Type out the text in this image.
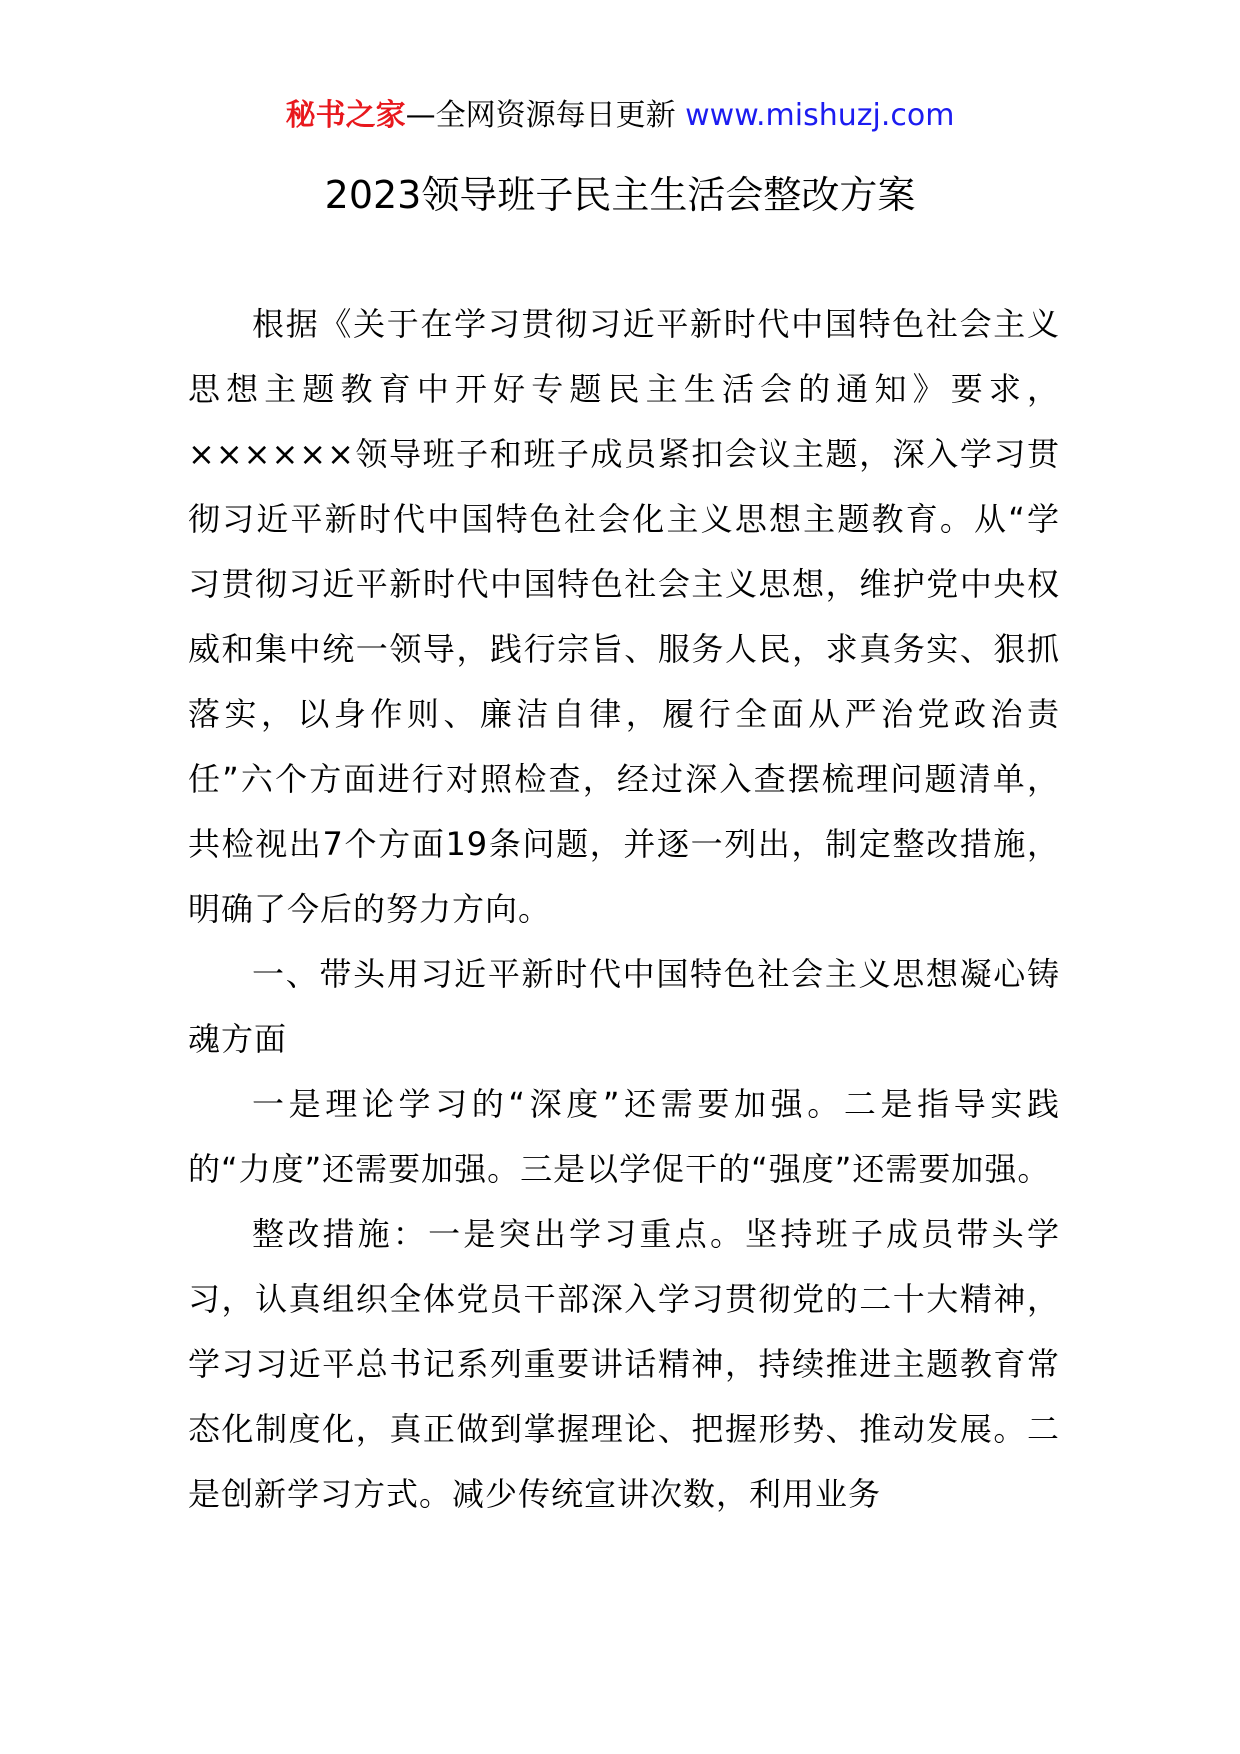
秘书之家—全网资源每日更新 www.mishuzj.com
2023领导班子民主生活会整改方案

根据《关于在学习贯彻习近平新时代中国特色社会主义思想主题教育中开好专题民主生活会的通知》要求，××××××领导班子和班子成员紧扣会议主题，深入学习贯彻习近平新时代中国特色社会化主义思想主题教育。从“学习贯彻习近平新时代中国特色社会主义思想，维护党中央权威和集中统一领导，践行宗旨、服务人民，求真务实、狠抓落实，以身作则、廉洁自律，履行全面从严治党政治责任”六个方面进行对照检查，经过深入查摆梳理问题清单，共检视出7个方面19条问题，并逐一列出，制定整改措施，明确了今后的努力方向。

一、带头用习近平新时代中国特色社会主义思想凝心铸魂方面

一是理论学习的“深度”还需要加强。二是指导实践的“力度”还需要加强。三是以学促干的“强度”还需要加强。

整改措施：一是突出学习重点。坚持班子成员带头学习，认真组织全体党员干部深入学习贯彻党的二十大精神，学习习近平总书记系列重要讲话精神，持续推进主题教育常态化制度化，真正做到掌握理论、把握形势、推动发展。二是创新学习方式。减少传统宣讲次数，利用业务
